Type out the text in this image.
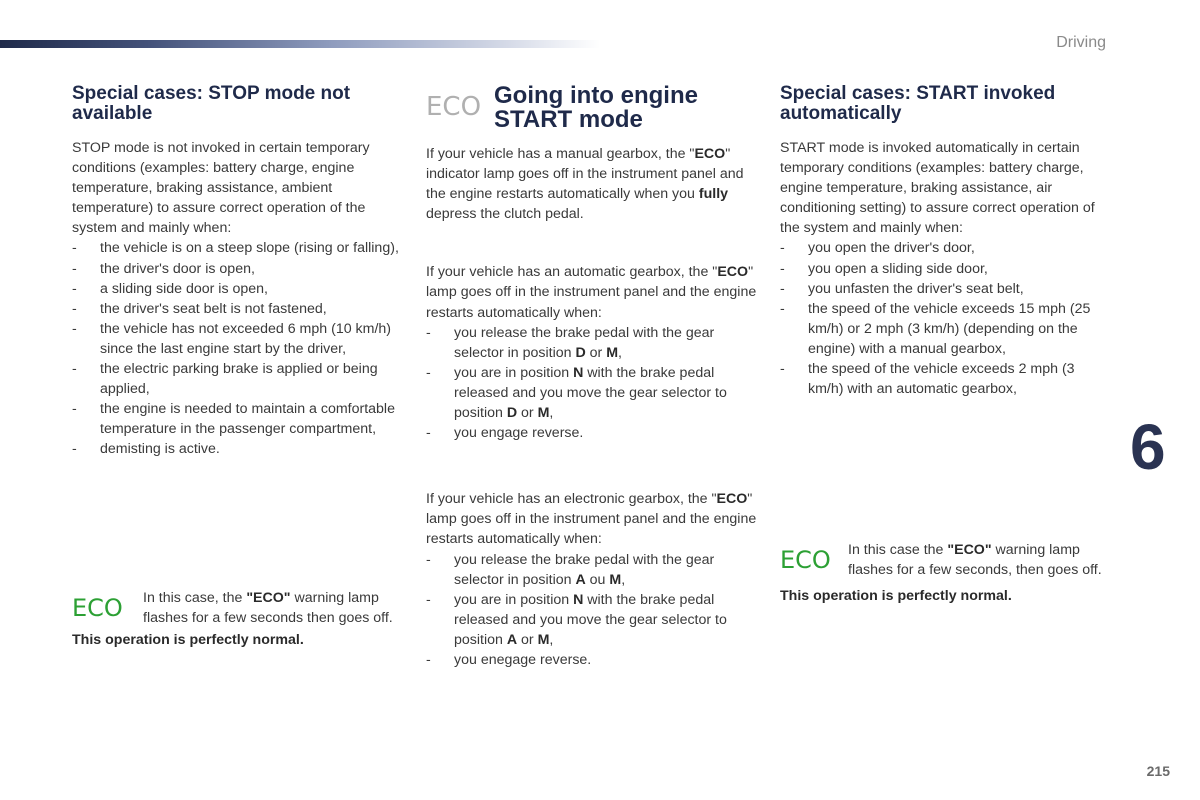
Driving
6
215
Special cases: STOP mode not available
STOP mode is not invoked in certain temporary conditions (examples: battery charge, engine temperature, braking assistance, ambient temperature) to assure correct operation of the system and mainly when:
- the vehicle is on a steep slope (rising or falling),
- the driver's door is open,
- a sliding side door is open,
- the driver's seat belt is not fastened,
- the vehicle has not exceeded 6 mph (10 km/h) since the last engine start by the driver,
- the electric parking brake is applied or being applied,
- the engine is needed to maintain a comfortable temperature in the passenger compartment,
- demisting is active.
ECO	In this case, the "ECO" warning lamp flashes for a few seconds then goes off.
This operation is perfectly normal.
ECO Going into engine START mode
If your vehicle has a manual gearbox, the "ECO" indicator lamp goes off in the instrument panel and the engine restarts automatically when you fully depress the clutch pedal.
If your vehicle has an automatic gearbox, the "ECO" lamp goes off in the instrument panel and the engine restarts automatically when:
- you release the brake pedal with the gear selector in position D or M,
- you are in position N with the brake pedal released and you move the gear selector to position D or M,
- you engage reverse.
If your vehicle has an electronic gearbox, the "ECO" lamp goes off in the instrument panel and the engine restarts automatically when:
- you release the brake pedal with the gear selector in position A ou M,
- you are in position N with the brake pedal released and you move the gear selector to position A or M,
- you enegage reverse.
Special cases: START invoked automatically
START mode is invoked automatically in certain temporary conditions (examples: battery charge, engine temperature, braking assistance, air conditioning setting) to assure correct operation of the system and mainly when:
- you open the driver's door,
- you open a sliding side door,
- you unfasten the driver's seat belt,
- the speed of the vehicle exceeds 15 mph (25 km/h) or 2 mph (3 km/h) (depending on the engine) with a manual gearbox,
- the speed of the vehicle exceeds 2 mph (3 km/h) with an automatic gearbox,
ECO	In this case the "ECO" warning lamp flashes for a few seconds, then goes off.
This operation is perfectly normal.
